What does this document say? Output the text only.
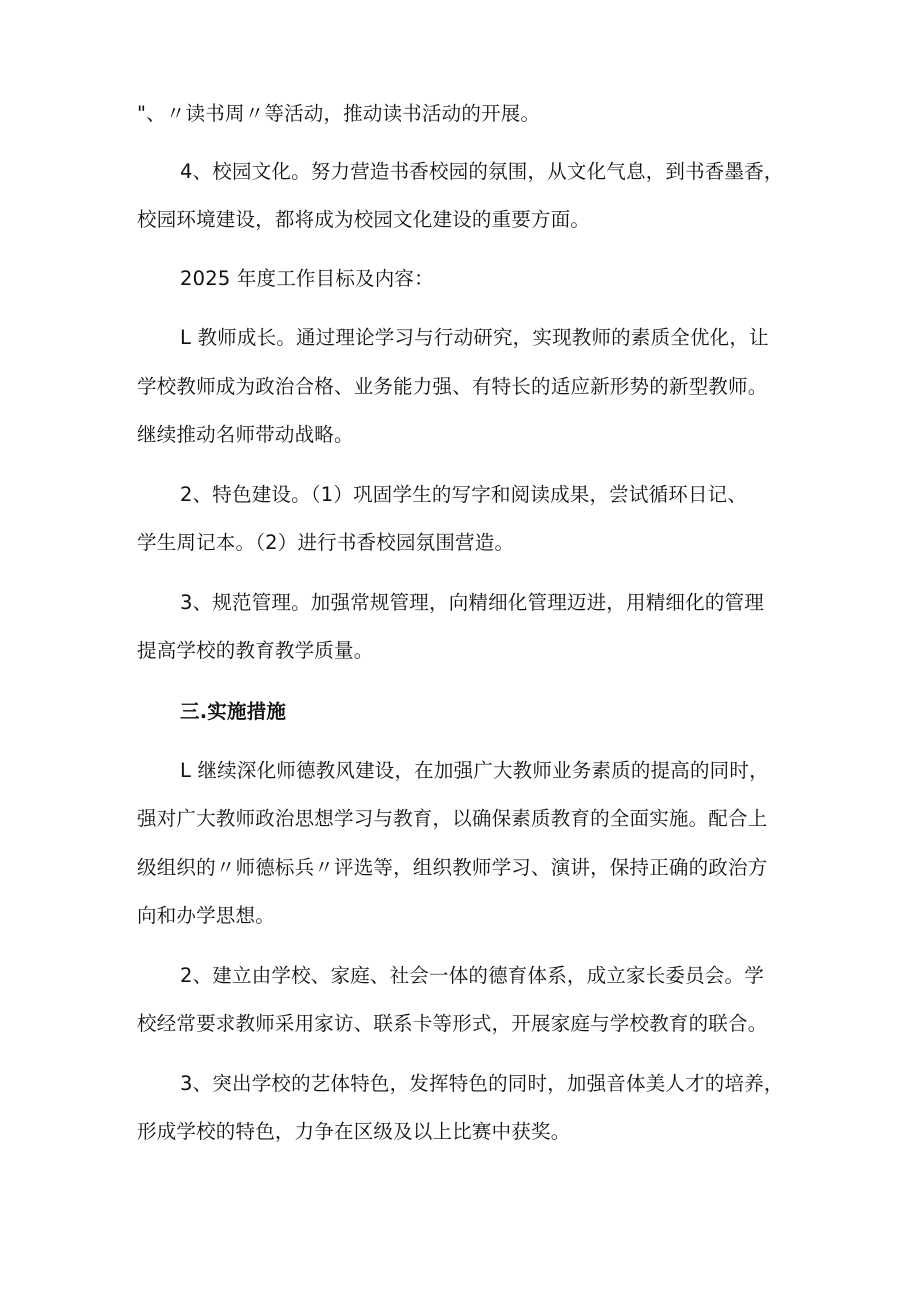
"、〃读书周〃等活动，推动读书活动的开展。
4、校园文化。努力营造书香校园的氛围，从文化气息，到书香墨香，
校园环境建设，都将成为校园文化建设的重要方面。
2025 年度工作目标及内容：
L 教师成长。通过理论学习与行动研究，实现教师的素质全优化，让
学校教师成为政治合格、业务能力强、有特长的适应新形势的新型教师。
继续推动名师带动战略。
2、特色建设。（1）巩固学生的写字和阅读成果，尝试循环日记、
学生周记本。（2）进行书香校园氛围营造。
3、规范管理。加强常规管理，向精细化管理迈进，用精细化的管理
提高学校的教育教学质量。
三.实施措施
L 继续深化师德教风建设，在加强广大教师业务素质的提高的同时，
强对广大教师政治思想学习与教育，以确保素质教育的全面实施。配合上
级组织的〃师德标兵〃评选等，组织教师学习、演讲，保持正确的政治方
向和办学思想。
2、建立由学校、家庭、社会一体的德育体系，成立家长委员会。学
校经常要求教师采用家访、联系卡等形式，开展家庭与学校教育的联合。
3、突出学校的艺体特色，发挥特色的同时，加强音体美人才的培养，
形成学校的特色，力争在区级及以上比赛中获奖。
